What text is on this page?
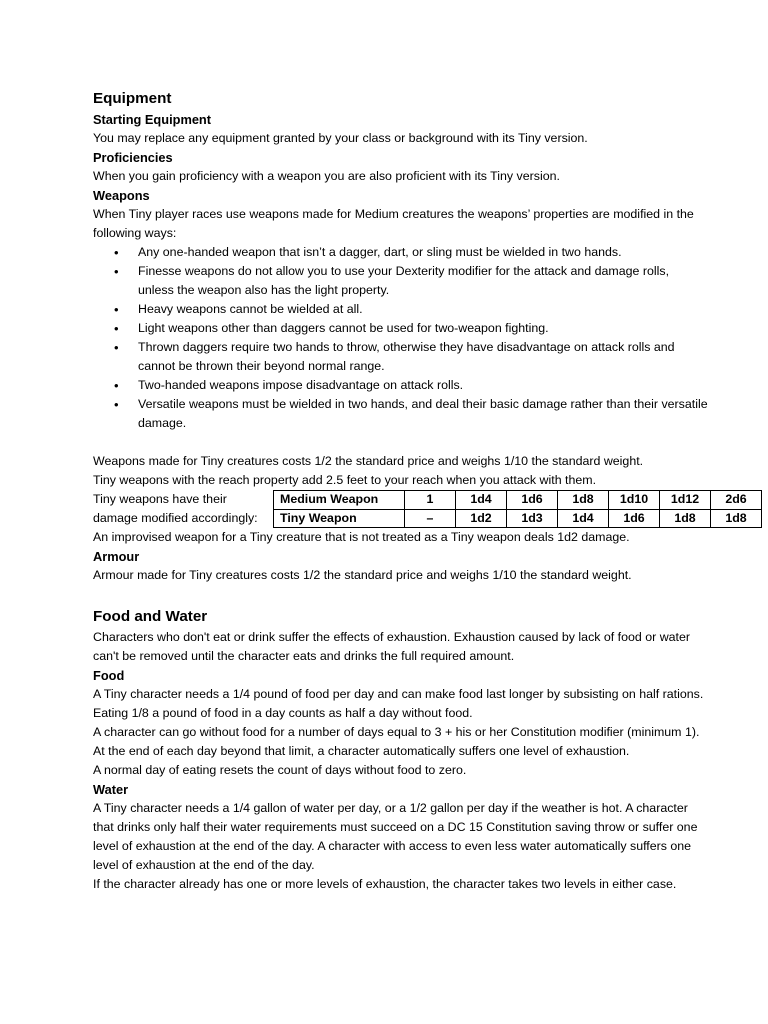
Equipment
Starting Equipment

You may replace any equipment granted by your class or background with its Tiny version.

Proficiencies

When you gain proficiency with a weapon you are also proficient with its Tiny version.

Weapons

When Tiny player races use weapons made for Medium creatures the weapons’ properties are modified in the following ways:

• Any one-handed weapon that isn’t a dagger, dart, or sling must be wielded in two hands.
• Finesse weapons do not allow you to use your Dexterity modifier for the attack and damage rolls, unless the weapon also has the light property.
• Heavy weapons cannot be wielded at all.
• Light weapons other than daggers cannot be used for two-weapon fighting.
• Thrown daggers require two hands to throw, otherwise they have disadvantage on attack rolls and cannot be thrown their beyond normal range.
• Two-handed weapons impose disadvantage on attack rolls.
• Versatile weapons must be wielded in two hands, and deal their basic damage rather than their versatile damage.

Weapons made for Tiny creatures costs 1/2 the standard price and weighs 1/10 the standard weight.

Tiny weapons with the reach property add 2.5 feet to your reach when you attack with them.

Tiny weapons have their
damage modified accordingly:
Medium Weapon	1	1d4	1d6	1d8	1d10	1d12	2d6
Tiny Weapon	–	1d2	1d3	1d4	1d6	1d8	1d8

An improvised weapon for a Tiny creature that is not treated as a Tiny weapon deals 1d2 damage.

Armour

Armour made for Tiny creatures costs 1/2 the standard price and weighs 1/10 the standard weight.

Food and Water

Characters who don't eat or drink suffer the effects of exhaustion. Exhaustion caused by lack of food or water can't be removed until the character eats and drinks the full required amount.

Food

A Tiny character needs a 1/4 pound of food per day and can make food last longer by subsisting on half rations. Eating 1/8 a pound of food in a day counts as half a day without food.

A character can go without food for a number of days equal to 3 + his or her Constitution modifier (minimum 1). At the end of each day beyond that limit, a character automatically suffers one level of exhaustion.

A normal day of eating resets the count of days without food to zero.

Water

A Tiny character needs a 1/4 gallon of water per day, or a 1/2 gallon per day if the weather is hot. A character that drinks only half their water requirements must succeed on a DC 15 Constitution saving throw or suffer one level of exhaustion at the end of the day. A character with access to even less water automatically suffers one level of exhaustion at the end of the day.

If the character already has one or more levels of exhaustion, the character takes two levels in either case.
